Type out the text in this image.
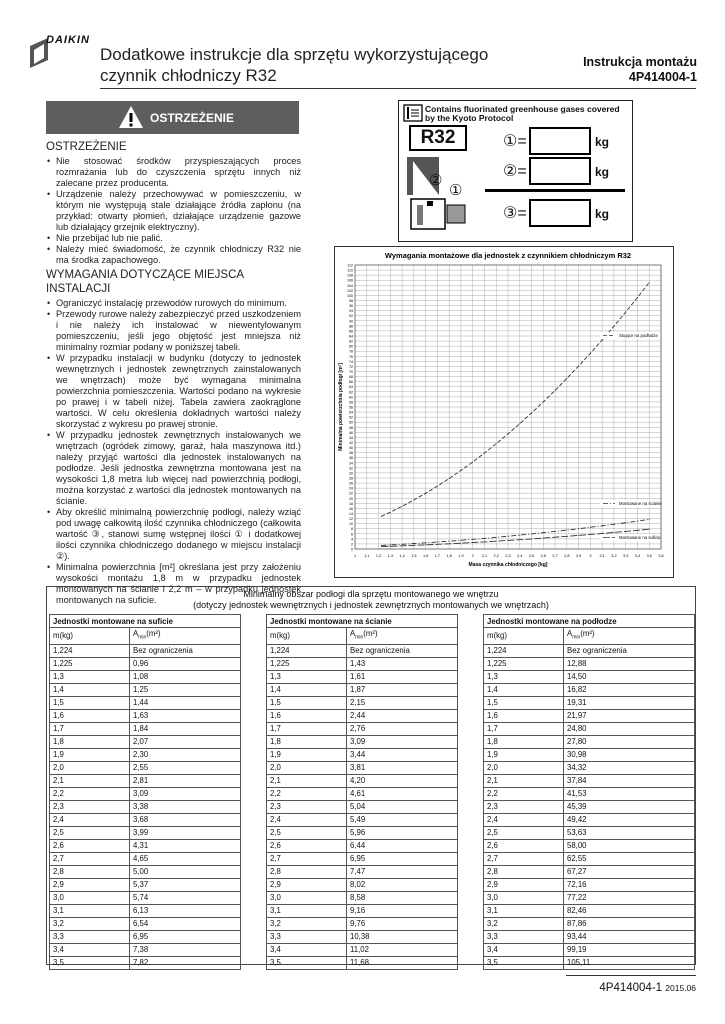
DAIKIN
Dodatkowe instrukcje dla sprzętu wykorzystującego
czynnik chłodniczy R32
Instrukcja montażu
4P414004-1
OSTRZEŻENIE
OSTRZEŻENIE
• Nie stosować środków przyspieszających proces rozmrażania lub do czyszczenia sprzętu innych niż zalecane przez producenta.
• Urządzenie należy przechowywać w pomieszczeniu, w którym nie występują stale działające źródła zapłonu (na przykład: otwarty płomień, działające urządzenie gazowe lub działający grzejnik elektryczny).
• Nie przebijać lub nie palić.
• Należy mieć świadomość, że czynnik chłodniczy R32 nie ma środka zapachowego.
WYMAGANIA DOTYCZĄCE MIEJSCA INSTALACJI
• Ograniczyć instalację przewodów rurowych do minimum.
• Przewody rurowe należy zabezpieczyć przed uszkodzeniem i nie należy ich instalować w niewentylowanym pomieszczeniu, jeśli jego objętość jest mniejsza niż minimalny rozmiar podany w poniższej tabeli.
• W przypadku instalacji w budynku (dotyczy to jednostek wewnętrznych i jednostek zewnętrznych zainstalowanych we wnętrzach) może być wymagana minimalna powierzchnia pomieszczenia. Wartości podano na wykresie po prawej i w tabeli niżej. Tabela zawiera zaokrąglone wartości. W celu określenia dokładnych wartości należy skorzystać z wykresu po prawej stronie.
• W przypadku jednostek zewnętrznych instalowanych we wnętrzach (ogródek zimowy, garaż, hala maszynowa itd.) należy przyjąć wartości dla jednostek instalowanych na podłodze. Jeśli jednostka zewnętrzna montowana jest na wysokości 1,8 metra lub więcej nad powierzchnią podłogi, można korzystać z wartości dla jednostek montowanych na ścianie.
• Aby określić minimalną powierzchnię podłogi, należy wziąć pod uwagę całkowitą ilość czynnika chłodniczego (całkowita wartość ③, stanowi sumę wstępnej ilości ① i dodatkowej ilości czynnika chłodniczego dodanego w miejscu instalacji ②).
• Minimalna powierzchnia [m²] określana jest przy założeniu wysokości montażu 1,8 m w przypadku jednostek montowanych na ścianie i 2,2 m – w przypadku jednostek montowanych na suficie.
Contains fluorinated greenhouse gases covered
by the Kyoto Protocol
R32
②
①
①=	kg
②=	kg
③=	kg
Wymagania montażowe dla jednostek z czynnikiem chłodniczym R32
0
2
4
6
8
10
12
14
16
18
20
22
24
26
28
30
32
34
36
38
40
42
44
46
48
50
52
54
56
58
60
62
64
66
68
70
72
74
76
78
80
82
84
86
88
90
92
94
96
98
100
102
104
106
108
110
112
1 1,1 1,2 1,3 1,4 1,5 1,6 1,7 1,8 1,9 2 2,1 2,2 2,3 2,4 2,5 2,6 2,7 2,8 2,9 3 3,1 3,2 3,3 3,4 3,5 3,6
Masa czynnika chłodniczego [kg]
Minimalna powierzchnia podłogi [m²]
Stojące na podłodze
Montowane na ścianie
Montowane na suficie
Minimalny obszar podłogi dla sprzętu montowanego we wnętrzu
(dotyczy jednostek wewnętrznych i jednostek zewnętrznych montowanych we wnętrzach)
Jednostki montowane na suficie	
m(kg)	$A_{min}(m^2)$
1,224	Bez ograniczenia
1,225	0,96
1,3	1,08
1,4	1,25
1,5	1,44
1,6	1,63
1,7	1,84
1,8	2,07
1,9	2,30
2,0	2,55
2,1	2,81
2,2	3,09
2,3	3,38
2,4	3,68
2,5	3,99
2,6	4,31
2,7	4,65
2,8	5,00
2,9	5,37
3,0	5,74
3,1	6,13
3,2	6,54
3,3	6,95
3,4	7,38
3,5	7,82
Jednostki montowane na ścianie	
m(kg)	$A_{min}(m^2)$
1,224	Bez ograniczenia
1,225	1,43
1,3	1,61
1,4	1,87
1,5	2,15
1,6	2,44
1,7	2,76
1,8	3,09
1,9	3,44
2,0	3,81
2,1	4,20
2,2	4,61
2,3	5,04
2,4	5,49
2,5	5,96
2,6	6,44
2,7	6,95
2,8	7,47
2,9	8,02
3,0	8,58
3,1	9,16
3,2	9,76
3,3	10,38
3,4	11,02
3,5	11,68
Jednostki montowane na podłodze	
m(kg)	$A_{min}(m^2)$
1,224	Bez ograniczenia
1,225	12,88
1,3	14,50
1,4	16,82
1,5	19,31
1,6	21,97
1,7	24,80
1,8	27,80
1,9	30,98
2,0	34,32
2,1	37,84
2,2	41,53
2,3	45,39
2,4	49,42
2,5	53,63
2,6	58,00
2,7	62,55
2,8	67,27
2,9	72,16
3,0	77,22
3,1	82,46
3,2	87,86
3,3	93,44
3,4	99,19
3,5	105,11
4P414004-1 2015.06
